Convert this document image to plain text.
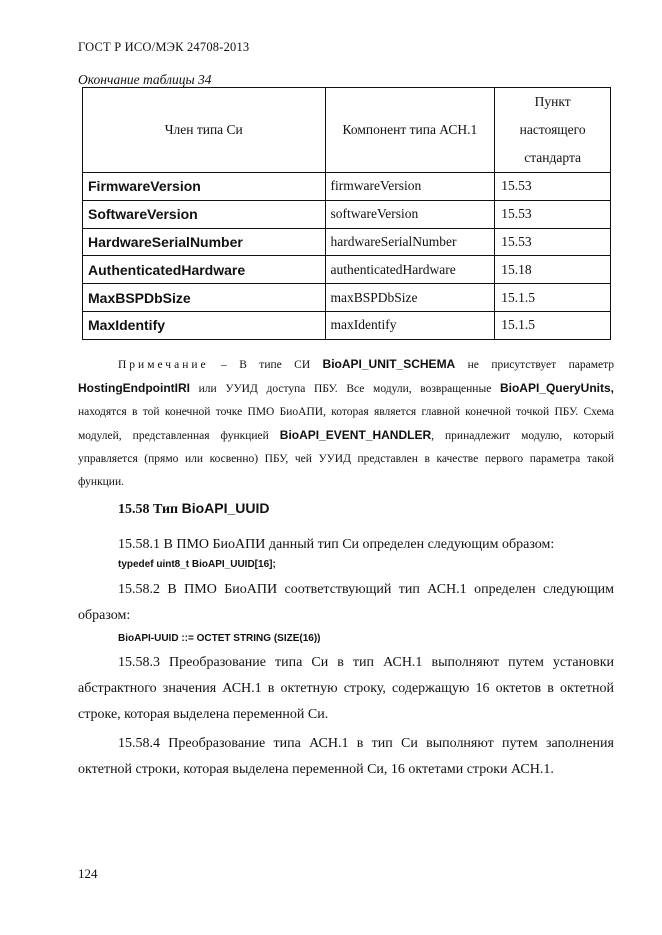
ГОСТ Р ИСО/МЭК 24708-2013
Окончание таблицы 34
Член типа Си	Компонент типа АСН.1	Пункт
настоящего
стандарта

FirmwareVersion	firmwareVersion	15.53
SoftwareVersion	softwareVersion	15.53
HardwareSerialNumber	hardwareSerialNumber	15.53
AuthenticatedHardware	authenticatedHardware	15.18
MaxBSPDbSize	maxBSPDbSize	15.1.5
MaxIdentify	maxIdentify	15.1.5
Примечание – В типе СИ BioAPI_UNIT_SCHEMA не присутствует параметр HostingEndpointIRI или УУИД доступа ПБУ. Все модули, возвращенные BioAPI_QueryUnits, находятся в той конечной точке ПМО БиоАПИ, которая является главной конечной точкой ПБУ. Схема модулей, представленная функцией BioAPI_EVENT_HANDLER, принадлежит модулю, который управляется (прямо или косвенно) ПБУ, чей УУИД представлен в качестве первого параметра такой функции.
15.58 Тип BioAPI_UUID
15.58.1 В ПМО БиоАПИ данный тип Си определен следующим образом:
typedef uint8_t BioAPI_UUID[16];
15.58.2 В ПМО БиоАПИ соответствующий тип АСН.1 определен следующим образом:
BioAPI-UUID ::= OCTET STRING (SIZE(16))
15.58.3 Преобразование типа Си в тип АСН.1 выполняют путем установки абстрактного значения АСН.1 в октетную строку, содержащую 16 октетов в октетной строке, которая выделена переменной Си.
15.58.4 Преобразование типа АСН.1 в тип Си выполняют путем заполнения октетной строки, которая выделена переменной Си, 16 октетами строки АСН.1.
124
